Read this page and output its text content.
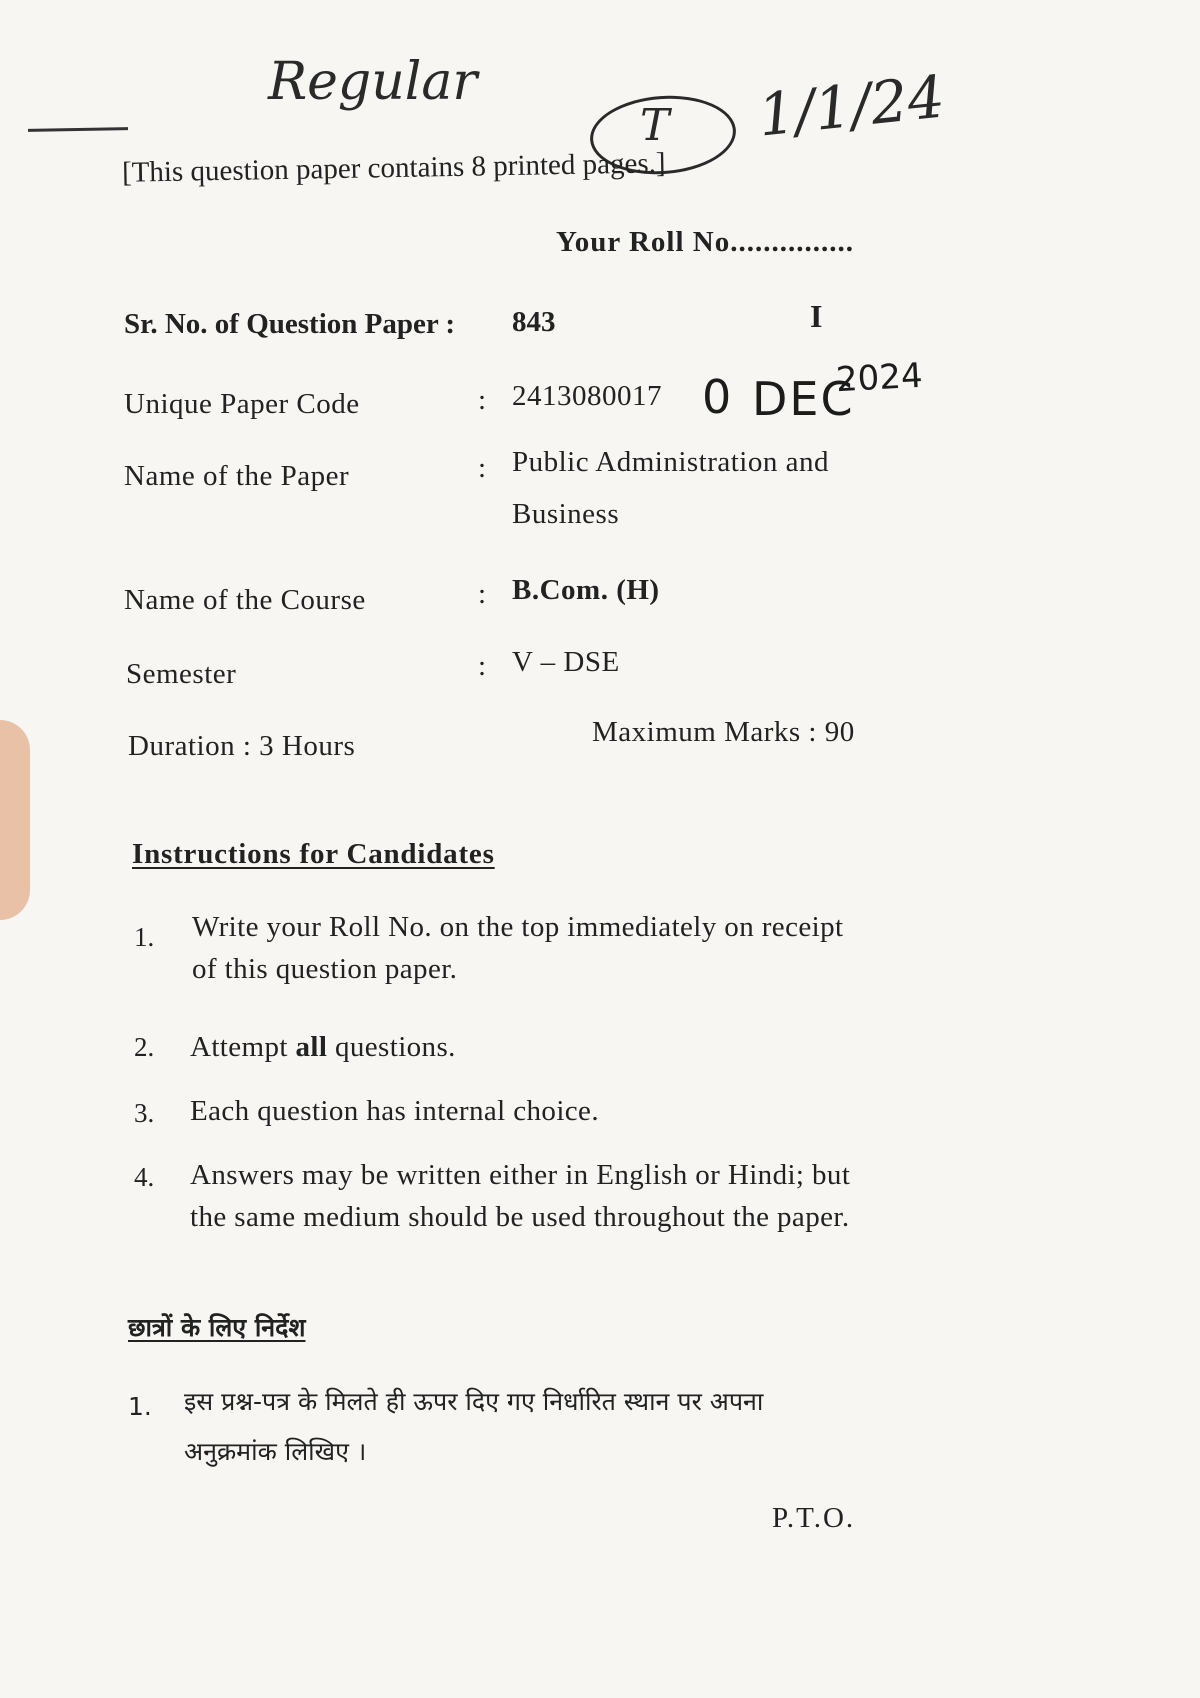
Regular
T 1/1/24
[This question paper contains 8 printed pages.]
Your Roll No...............
Sr. No. of Question Paper : 843	I
Unique Paper Code	: 2413080017 0 DEC
2024
Name of the Paper	: Public Administration and
Business
Name of the Course	: B.Com. (H)
Semester	: V – DSE
Duration : 3 Hours	Maximum Marks : 90
Instructions for Candidates
1. Write your Roll No. on the top immediately on receipt of this question paper.
2. Attempt all questions.
3. Each question has internal choice.
4. Answers may be written either in English or Hindi; but the same medium should be used throughout the paper.
छात्रों के लिए निर्देश
1. इस प्रश्न-पत्र के मिलते ही ऊपर दिए गए निर्धारित स्थान पर अपना
अनुक्रमांक लिखिए ।
P.T.O.
